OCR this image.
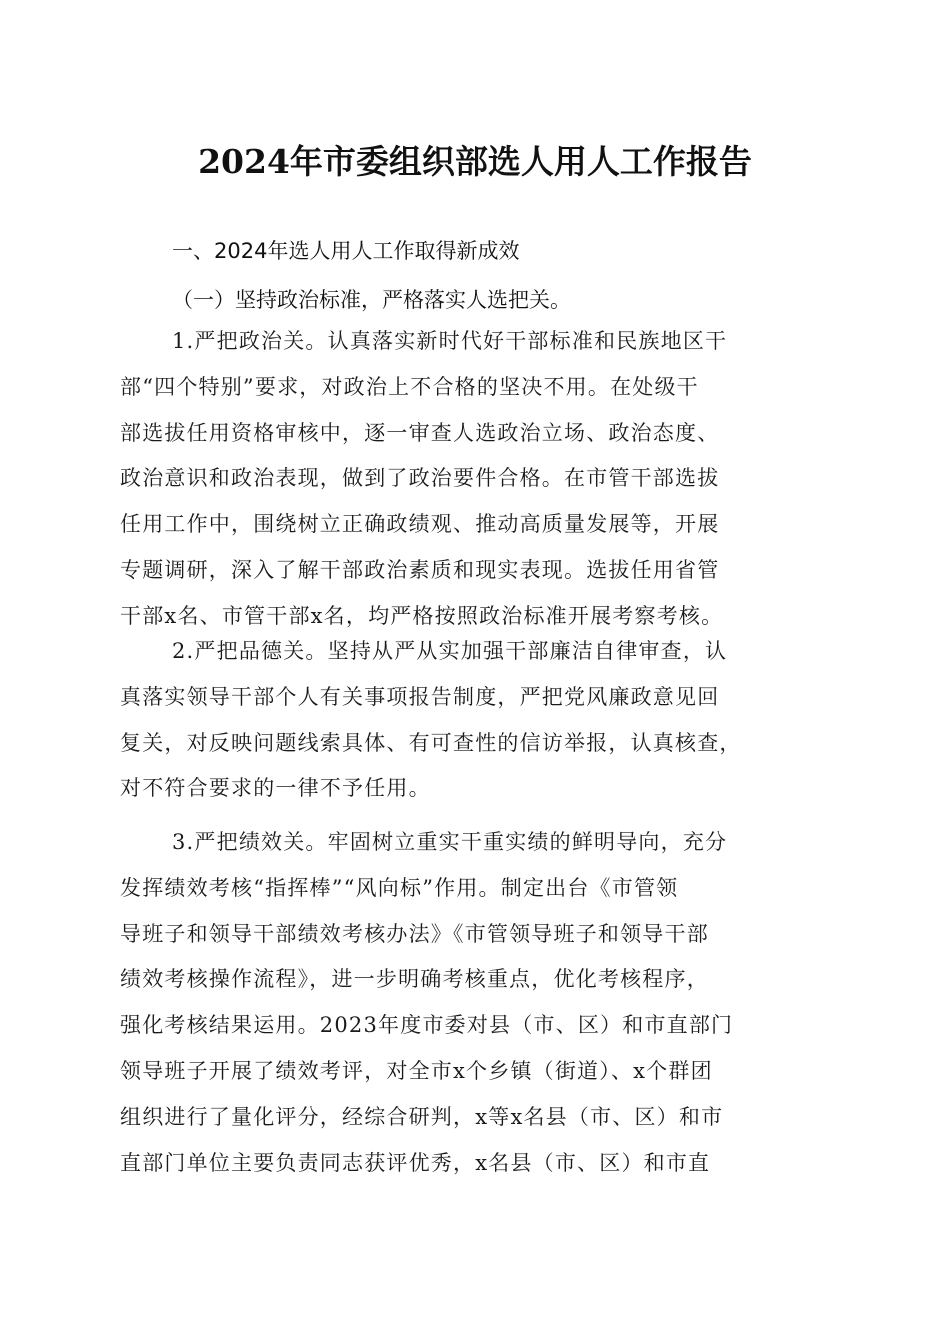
2024年市委组织部选人用人工作报告
一、2024年选人用人工作取得新成效
（一）坚持政治标准，严格落实人选把关。
1.严把政治关。认真落实新时代好干部标准和民族地区干
部“四个特别”要求，对政治上不合格的坚决不用。在处级干
部选拔任用资格审核中，逐一审查人选政治立场、政治态度、
政治意识和政治表现，做到了政治要件合格。在市管干部选拔
任用工作中，围绕树立正确政绩观、推动高质量发展等，开展
专题调研，深入了解干部政治素质和现实表现。选拔任用省管
干部x名、市管干部x名，均严格按照政治标准开展考察考核。
2.严把品德关。坚持从严从实加强干部廉洁自律审查，认
真落实领导干部个人有关事项报告制度，严把党风廉政意见回
复关，对反映问题线索具体、有可查性的信访举报，认真核查，
对不符合要求的一律不予任用。
3.严把绩效关。牢固树立重实干重实绩的鲜明导向，充分
发挥绩效考核“指挥棒”“风向标”作用。制定出台《市管领
导班子和领导干部绩效考核办法》《市管领导班子和领导干部
绩效考核操作流程》，进一步明确考核重点，优化考核程序，
强化考核结果运用。2023年度市委对县（市、区）和市直部门
领导班子开展了绩效考评，对全市x个乡镇（街道）、x个群团
组织进行了量化评分，经综合研判，x等x名县（市、区）和市
直部门单位主要负责同志获评优秀，x名县（市、区）和市直
